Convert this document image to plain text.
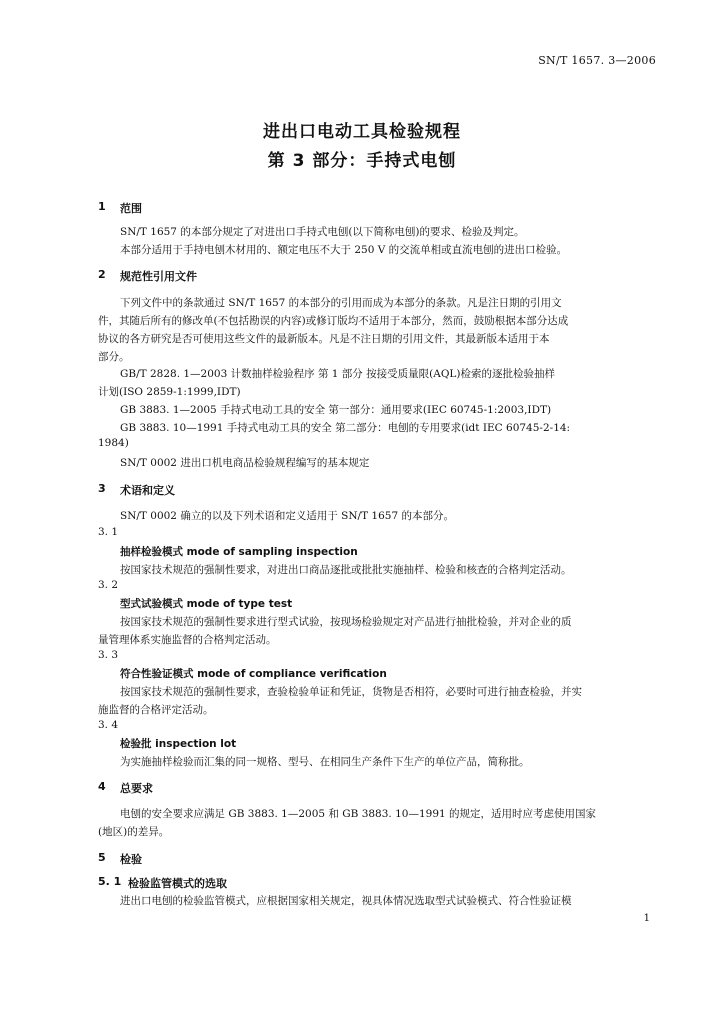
SN/T 1657. 3—2006
进出口电动工具检验规程
第 3 部分：手持式电刨
1 范围
SN/T 1657 的本部分规定了对进出口手持式电刨(以下简称电刨)的要求、检验及判定。
本部分适用于手持电刨木材用的、额定电压不大于 250 V 的交流单相或直流电刨的进出口检验。
2 规范性引用文件
下列文件中的条款通过 SN/T 1657 的本部分的引用而成为本部分的条款。凡是注日期的引用文
件，其随后所有的修改单(不包括勘误的内容)或修订版均不适用于本部分，然而，鼓励根据本部分达成
协议的各方研究是否可使用这些文件的最新版本。凡是不注日期的引用文件，其最新版本适用于本
部分。
GB/T 2828. 1—2003 计数抽样检验程序 第 1 部分 按接受质量限(AQL)检索的逐批检验抽样
计划(ISO 2859-1:1999,IDT)
GB 3883. 1—2005 手持式电动工具的安全 第一部分：通用要求(IEC 60745-1:2003,IDT)
GB 3883. 10—1991 手持式电动工具的安全 第二部分：电刨的专用要求(idt IEC 60745-2-14:
1984)
SN/T 0002 进出口机电商品检验规程编写的基本规定
3 术语和定义
SN/T 0002 确立的以及下列术语和定义适用于 SN/T 1657 的本部分。
3. 1
抽样检验模式 mode of sampling inspection
按国家技术规范的强制性要求，对进出口商品逐批或批批实施抽样、检验和核查的合格判定活动。
3. 2
型式试验模式 mode of type test
按国家技术规范的强制性要求进行型式试验，按现场检验规定对产品进行抽批检验，并对企业的质
量管理体系实施监督的合格判定活动。
3. 3
符合性验证模式 mode of compliance verification
按国家技术规范的强制性要求，查验检验单证和凭证，货物是否相符，必要时可进行抽查检验，并实
施监督的合格评定活动。
3. 4
检验批 inspection lot
为实施抽样检验而汇集的同一规格、型号、在相同生产条件下生产的单位产品，简称批。
4 总要求
电刨的安全要求应满足 GB 3883. 1—2005 和 GB 3883. 10—1991 的规定，适用时应考虑使用国家
(地区)的差异。
5 检验
5. 1 检验监管模式的选取
进出口电刨的检验监管模式，应根据国家相关规定，视具体情况选取型式试验模式、符合性验证模
1
